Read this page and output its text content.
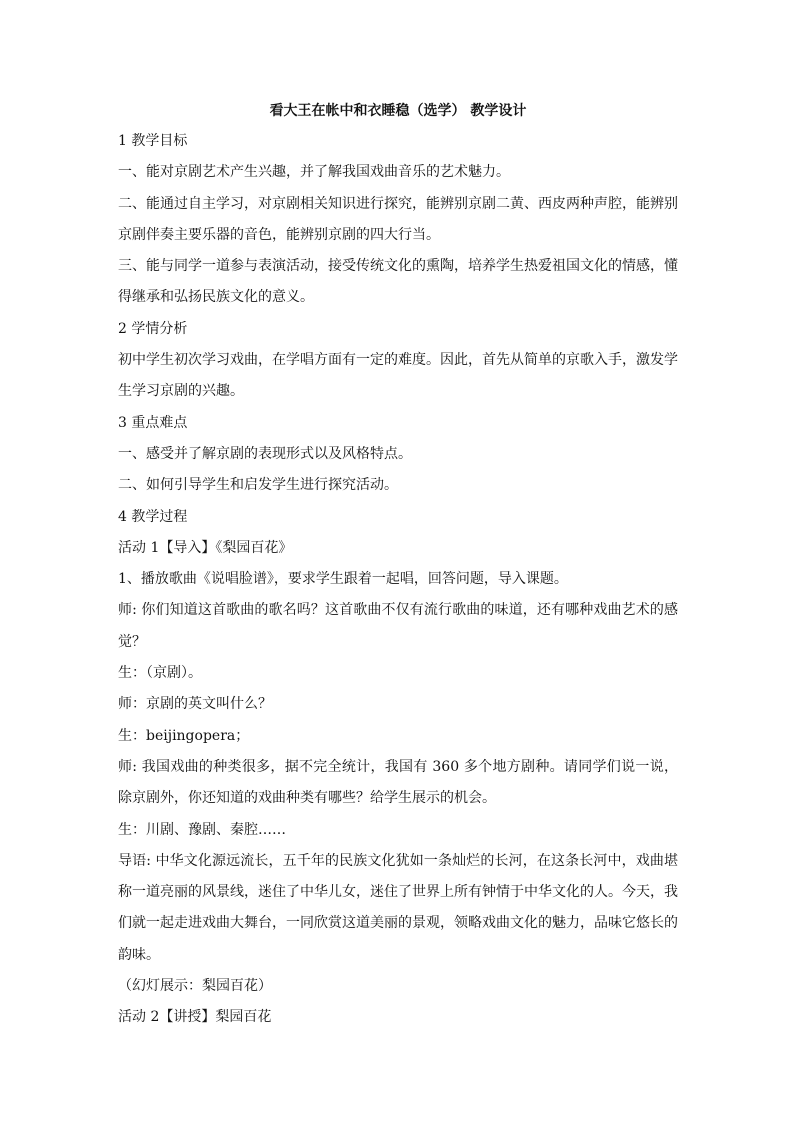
看大王在帐中和衣睡稳（选学） 教学设计

1 教学目标

一、能对京剧艺术产生兴趣，并了解我国戏曲音乐的艺术魅力。

二、能通过自主学习，对京剧相关知识进行探究，能辨别京剧二黄、西皮两种声腔，能辨别京剧伴奏主要乐器的音色，能辨别京剧的四大行当。

三、能与同学一道参与表演活动，接受传统文化的熏陶，培养学生热爱祖国文化的情感，懂得继承和弘扬民族文化的意义。

2 学情分析

初中学生初次学习戏曲，在学唱方面有一定的难度。因此，首先从简单的京歌入手，激发学生学习京剧的兴趣。

3 重点难点

一、感受并了解京剧的表现形式以及风格特点。

二、如何引导学生和启发学生进行探究活动。

4 教学过程

活动 1【导入】《梨园百花》

1、播放歌曲《说唱脸谱》，要求学生跟着一起唱，回答问题，导入课题。

师: 你们知道这首歌曲的歌名吗？这首歌曲不仅有流行歌曲的味道，还有哪种戏曲艺术的感觉？

生：（京剧）。

师：京剧的英文叫什么？

生：beijingopera；

师: 我国戏曲的种类很多，据不完全统计，我国有 360 多个地方剧种。请同学们说一说，除京剧外，你还知道的戏曲种类有哪些？给学生展示的机会。

生：川剧、豫剧、秦腔……

导语: 中华文化源远流长，五千年的民族文化犹如一条灿烂的长河，在这条长河中，戏曲堪称一道亮丽的风景线，迷住了中华儿女，迷住了世界上所有钟情于中华文化的人。今天，我们就一起走进戏曲大舞台，一同欣赏这道美丽的景观，领略戏曲文化的魅力，品味它悠长的韵味。

（幻灯展示：梨园百花）

活动 2【讲授】梨园百花
